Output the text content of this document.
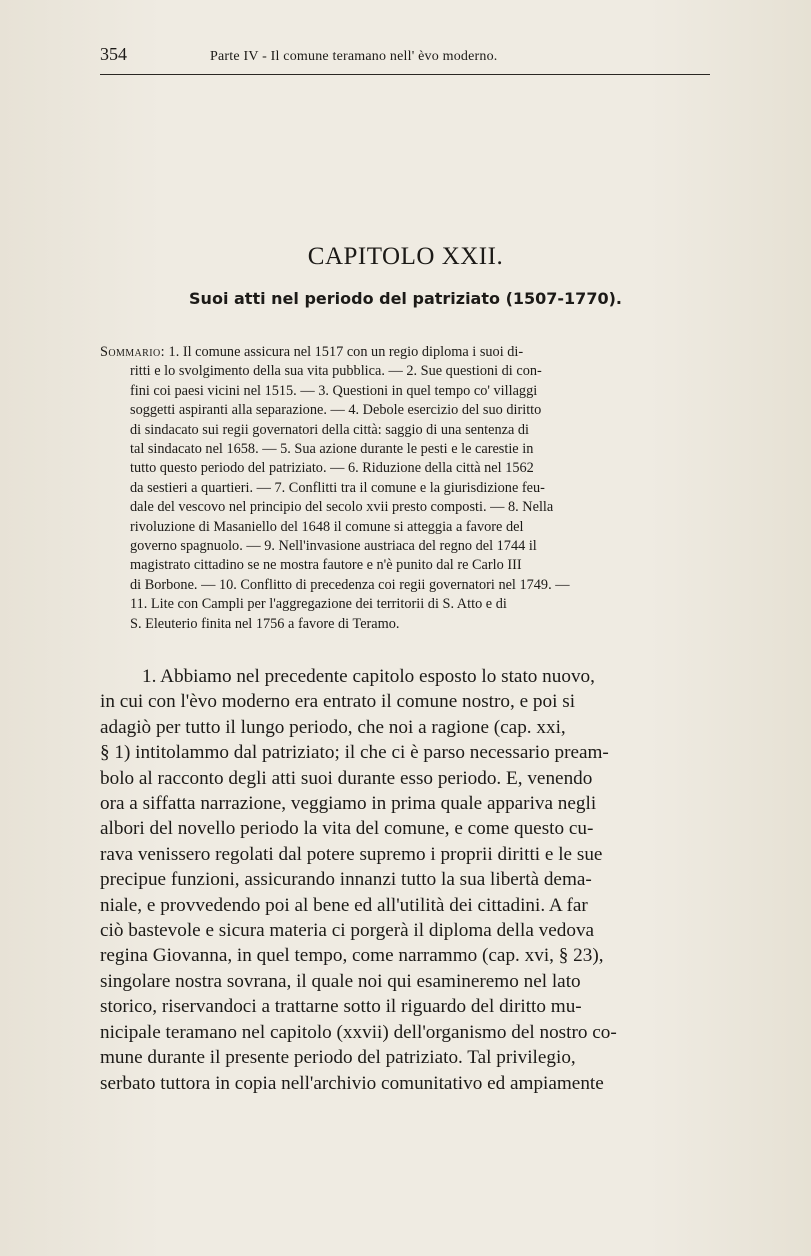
354	Parte IV - Il comune teramano nell' èvo moderno.
CAPITOLO XXII.
Suoi atti nel periodo del patriziato (1507-1770).
Sommario: 1. Il comune assicura nel 1517 con un regio diploma i suoi di-
ritti e lo svolgimento della sua vita pubblica. — 2. Sue questioni di con-
fini coi paesi vicini nel 1515. — 3. Questioni in quel tempo co' villaggi
soggetti aspiranti alla separazione. — 4. Debole esercizio del suo diritto
di sindacato sui regii governatori della città: saggio di una sentenza di
tal sindacato nel 1658. — 5. Sua azione durante le pesti e le carestie in
tutto questo periodo del patriziato. — 6. Riduzione della città nel 1562
da sestieri a quartieri. — 7. Conflitti tra il comune e la giurisdizione feu-
dale del vescovo nel principio del secolo xvii presto composti. — 8. Nella
rivoluzione di Masaniello del 1648 il comune si atteggia a favore del
governo spagnuolo. — 9. Nell'invasione austriaca del regno del 1744 il
magistrato cittadino se ne mostra fautore e n'è punito dal re Carlo III
di Borbone. — 10. Conflitto di precedenza coi regii governatori nel 1749. —
11. Lite con Campli per l'aggregazione dei territorii di S. Atto e di
S. Eleuterio finita nel 1756 a favore di Teramo.
1. Abbiamo nel precedente capitolo esposto lo stato nuovo,
in cui con l'èvo moderno era entrato il comune nostro, e poi si
adagiò per tutto il lungo periodo, che noi a ragione (cap. xxi,
§ 1) intitolammo dal patriziato; il che ci è parso necessario pream-
bolo al racconto degli atti suoi durante esso periodo. E, venendo
ora a siffatta narrazione, veggiamo in prima quale appariva negli
albori del novello periodo la vita del comune, e come questo cu-
rava venissero regolati dal potere supremo i proprii diritti e le sue
precipue funzioni, assicurando innanzi tutto la sua libertà dema-
niale, e provvedendo poi al bene ed all'utilità dei cittadini. A far
ciò bastevole e sicura materia ci porgerà il diploma della vedova
regina Giovanna, in quel tempo, come narrammo (cap. xvi, § 23),
singolare nostra sovrana, il quale noi qui esamineremo nel lato
storico, riservandoci a trattarne sotto il riguardo del diritto mu-
nicipale teramano nel capitolo (xxvii) dell'organismo del nostro co-
mune durante il presente periodo del patriziato. Tal privilegio,
serbato tuttora in copia nell'archivio comunitativo ed ampiamente
